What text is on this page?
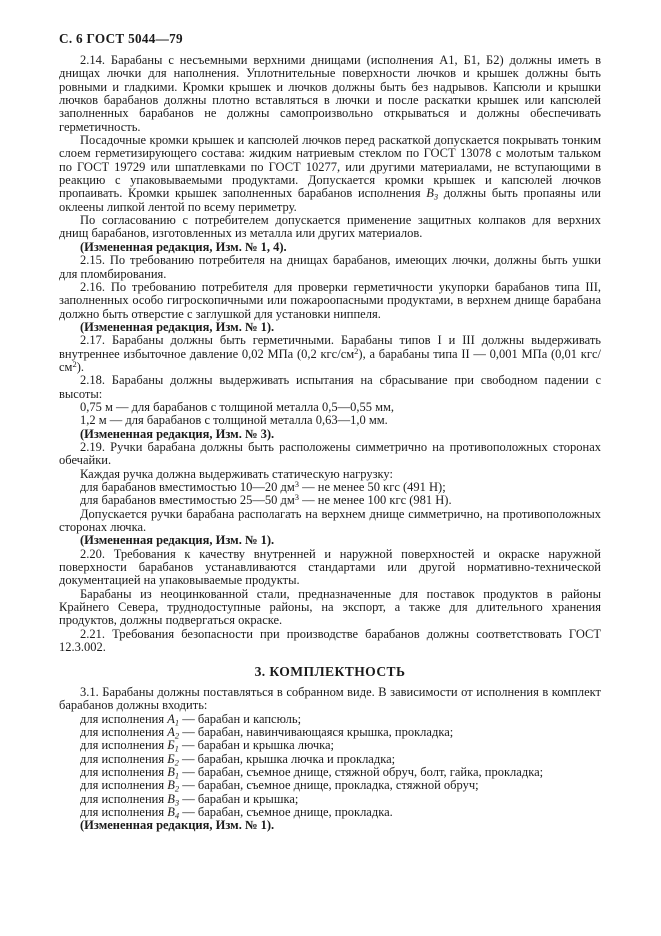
С. 6 ГОСТ 5044—79

2.14. Барабаны с несъемными верхними днищами (исполнения А1, Б1, Б2) должны иметь в днищах лючки для наполнения. Уплотнительные поверхности лючков и крышек должны быть ровными и гладкими. Кромки крышек и лючков должны быть без надрывов. Капсюли и крышки лючков барабанов должны плотно вставляться в лючки и после раскатки крышек или капсюлей заполненных барабанов не должны самопроизвольно открываться и должны обеспечивать герметичность.

Посадочные кромки крышек и капсюлей лючков перед раскаткой допускается покрывать тонким слоем герметизирующего состава: жидким натриевым стеклом по ГОСТ 13078 с молотым тальком по ГОСТ 19729 или шпатлевками по ГОСТ 10277, или другими материалами, не вступающими в реакцию с упаковываемыми продуктами. Допускается кромки крышек и капсюлей лючков пропаивать. Кромки крышек заполненных барабанов исполнения $В_3$ должны быть пропаяны или оклеены липкой лентой по всему периметру.

По согласованию с потребителем допускается применение защитных колпаков для верхних днищ барабанов, изготовленных из металла или других материалов.

(Измененная редакция, Изм. № 1, 4).

2.15. По требованию потребителя на днищах барабанов, имеющих лючки, должны быть ушки для пломбирования.

2.16. По требованию потребителя для проверки герметичности укупорки барабанов типа III, заполненных особо гигроскопичными или пожароопасными продуктами, в верхнем днище барабана должно быть отверстие с заглушкой для установки ниппеля.

(Измененная редакция, Изм. № 1).

2.17. Барабаны должны быть герметичными. Барабаны типов I и III должны выдерживать внутреннее избыточное давление 0,02 МПа (0,2 кгс/$см^2$), а барабаны типа II — 0,001 МПа (0,01 кгс/$см^2$).

2.18. Барабаны должны выдерживать испытания на сбрасывание при свободном падении с высоты:

0,75 м — для барабанов с толщиной металла 0,5—0,55 мм,

1,2 м — для барабанов с толщиной металла 0,63—1,0 мм.

(Измененная редакция, Изм. № 3).

2.19. Ручки барабана должны быть расположены симметрично на противоположных сторонах обечайки.

Каждая ручка должна выдерживать статическую нагрузку:

для барабанов вместимостью 10—20 $дм^3$ — не менее 50 кгс (491 Н);

для барабанов вместимостью 25—50 $дм^3$ — не менее 100 кгс (981 Н).

Допускается ручки барабана располагать на верхнем днище симметрично, на противоположных сторонах лючка.

(Измененная редакция, Изм. № 1).

2.20. Требования к качеству внутренней и наружной поверхностей и окраске наружной поверхности барабанов устанавливаются стандартами или другой нормативно-технической документацией на упаковываемые продукты.

Барабаны из неоцинкованной стали, предназначенные для поставок продуктов в районы Крайнего Севера, труднодоступные районы, на экспорт, а также для длительного хранения продуктов, должны подвергаться окраске.

2.21. Требования безопасности при производстве барабанов должны соответствовать ГОСТ 12.3.002.

3. КОМПЛЕКТНОСТЬ

3.1. Барабаны должны поставляться в собранном виде. В зависимости от исполнения в комплект барабанов должны входить:

для исполнения $А_1$ — барабан и капсюль;

для исполнения $А_2$ — барабан, навинчивающаяся крышка, прокладка;

для исполнения $Б_1$ — барабан и крышка лючка;

для исполнения $Б_2$ — барабан, крышка лючка и прокладка;

для исполнения $В_1$ — барабан, съемное днище, стяжной обруч, болт, гайка, прокладка;

для исполнения $В_2$ — барабан, съемное днище, прокладка, стяжной обруч;

для исполнения $В_3$ — барабан и крышка;

для исполнения $В_4$ — барабан, съемное днище, прокладка.

(Измененная редакция, Изм. № 1).
